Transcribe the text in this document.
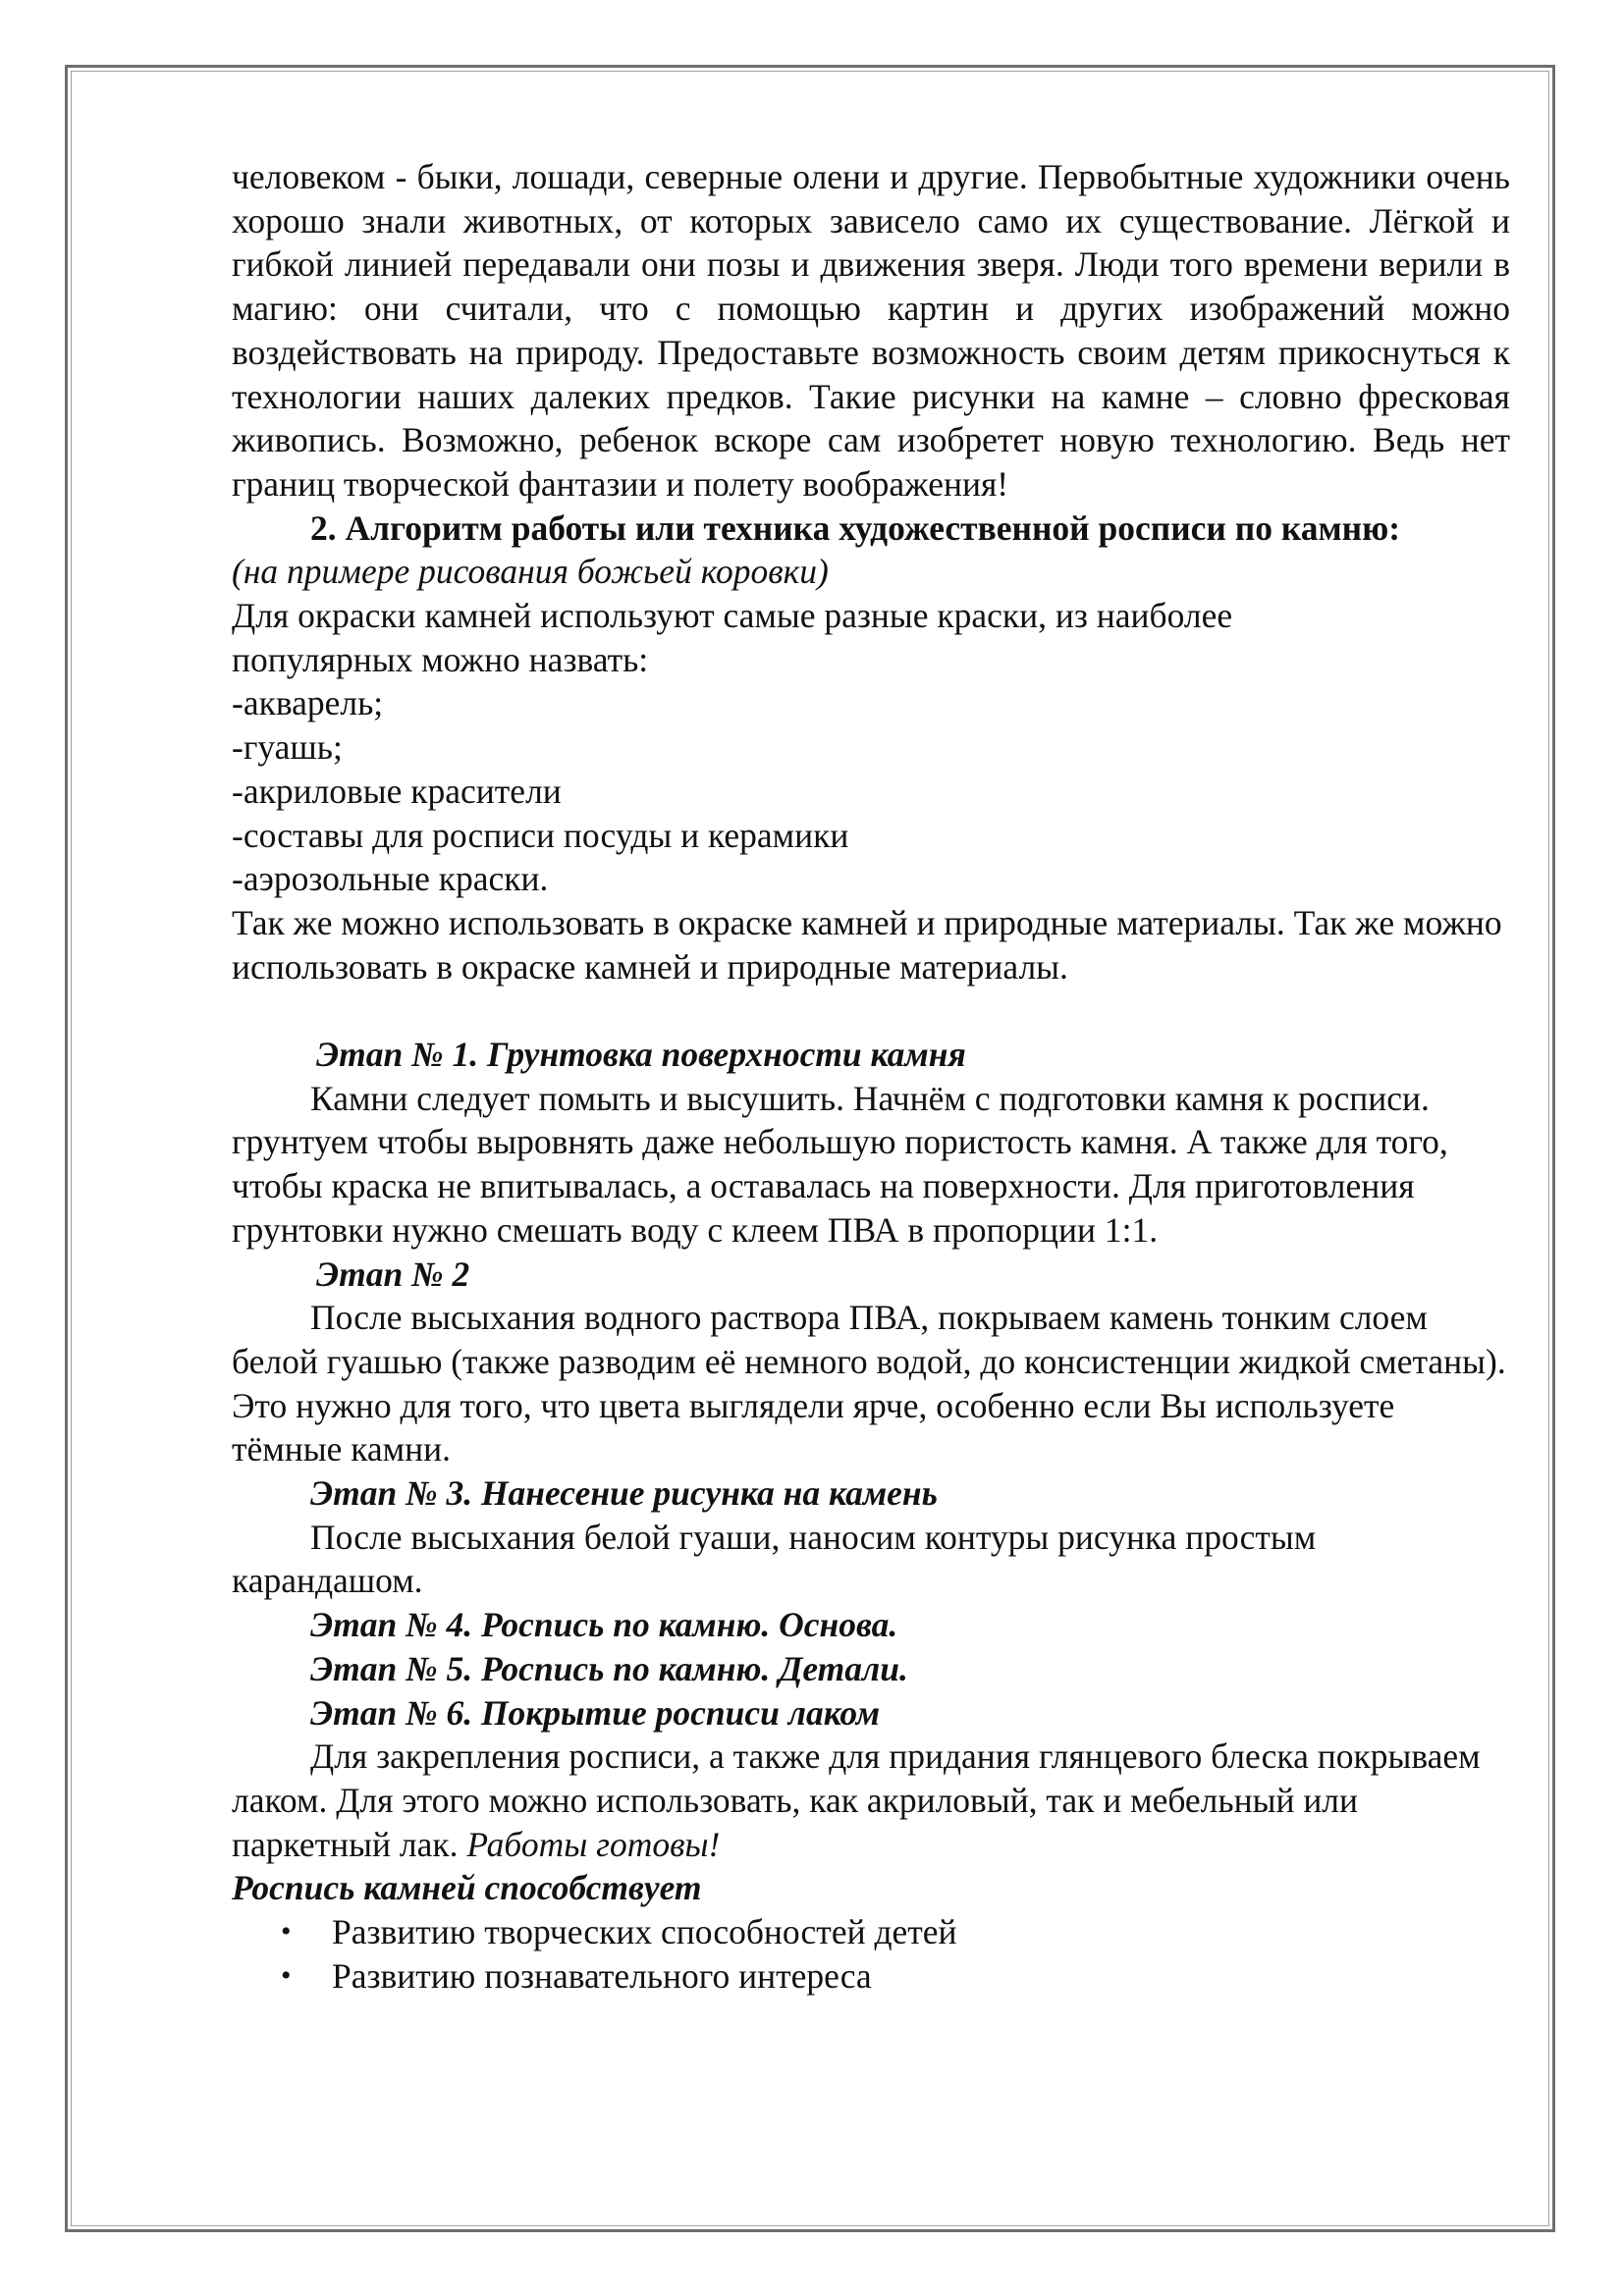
человеком - быки, лошади, северные олени и другие. Первобытные художники очень хорошо знали животных, от которых зависело само их существование. Лёгкой и гибкой линией передавали они позы и движения зверя. Люди того времени верили в магию: они считали, что с помощью картин и других изображений можно воздействовать на природу. Предоставьте возможность своим детям прикоснуться к технологии наших далеких предков. Такие рисунки на камне – словно фресковая живопись. Возможно, ребенок вскоре сам изобретет новую технологию. Ведь нет границ творческой фантазии и полету воображения!

2. Алгоритм работы или техника художественной росписи по камню:

(на примере рисования божьей коровки)

Для окраски камней используют самые разные краски, из наиболее

популярных можно назвать:

-акварель;

-гуашь;

-акриловые красители

-составы для росписи посуды и керамики

-аэрозольные краски.

Так же можно использовать в окраске камней и природные материалы. Так же можно использовать в окраске камней и природные материалы.

Этап № 1. Грунтовка поверхности камня

Камни следует помыть и высушить. Начнём с подготовки камня к росписи. грунтуем чтобы выровнять даже небольшую пористость камня. А также для того, чтобы краска не впитывалась, а оставалась на поверхности. Для приготовления грунтовки нужно смешать воду с клеем ПВА в пропорции 1:1.

Этап № 2

После высыхания водного раствора ПВА, покрываем камень тонким слоем белой гуашью (также разводим её немного водой, до консистенции жидкой сметаны). Это нужно для того, что цвета выглядели ярче, особенно если Вы используете тёмные камни.

Этап № 3. Нанесение рисунка на камень

После высыхания белой гуаши, наносим контуры рисунка простым карандашом.

Этап № 4. Роспись по камню. Основа.

Этап № 5. Роспись по камню. Детали.

Этап № 6. Покрытие росписи лаком

Для закрепления росписи, а также для придания глянцевого блеска покрываем лаком. Для этого можно использовать, как акриловый, так и мебельный или паркетный лак. Работы готовы!

Роспись камней способствует

• Развитию творческих способностей детей
• Развитию познавательного интереса
